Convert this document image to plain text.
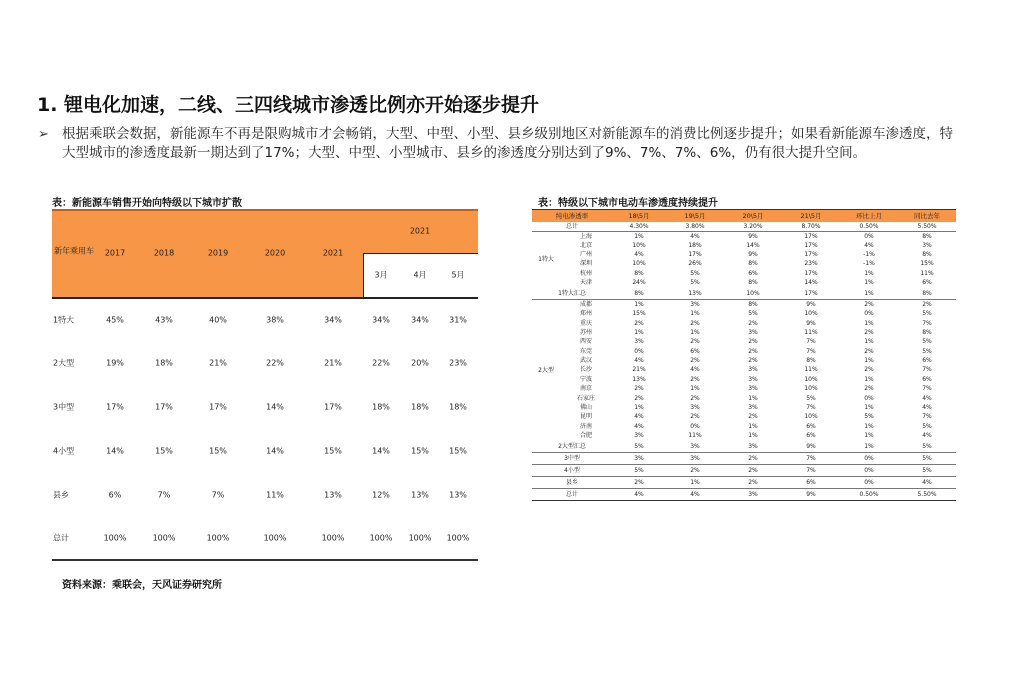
1. 锂电化加速，二线、三四线城市渗透比例亦开始逐步提升
➢ 根据乘联会数据，新能源车不再是限购城市才会畅销，大型、中型、小型、县乡级别地区对新能源车的消费比例逐步提升；如果看新能源车渗透度，特大型城市的渗透度最新一期达到了17%；大型、中型、小型城市、县乡的渗透度分别达到了9%、7%、7%、6%，仍有很大提升空间。
表：新能源车销售开始向特级以下城市扩散	表：特级以下城市电动车渗透度持续提升
新年乘用车	2017	2018	2019	2020	2021
2021
3月	4月	5月
1特大	45%	43%	40%	38%	34%	34%	34%	31%
2大型	19%	18%	21%	22%	21%	22%	20%	23%
3中型	17%	17%	17%	14%	17%	18%	18%	18%
4小型	14%	15%	15%	14%	15%	14%	15%	15%
县乡	6%	7%	7%	11%	13%	12%	13%	13%
总计	100%	100%	100%	100%	100%	100% 100% 100%
纯电渗透率		18\5月	19\5月	20\5月	21\5月	环比上月	同比去年
总计		4.30%	3.80%	3.20%	8.70%	0.50%	5.50%
1特大	上海	1%	4%	9%	17%	0%	8%
	北京	10%	18%	14%	17%	4%	3%
	广州	4%	17%	9%	17%	-1%	8%
	深圳	10%	26%	8%	23%	-1%	15%
	杭州	8%	5%	6%	17%	1%	11%
	天津	24%	5%	8%	14%	1%	6%
1特大汇总		8%	13%	10%	17%	1%	8%
2大型	成都	1%	3%	8%	9%	2%	2%
	郑州	15%	1%	5%	10%	0%	5%
	重庆	2%	2%	2%	9%	1%	7%
	苏州	1%	1%	3%	11%	2%	8%
	西安	3%	2%	2%	7%	1%	5%
	东莞	0%	6%	2%	7%	2%	5%
	武汉	4%	2%	2%	8%	1%	6%
	长沙	21%	4%	3%	11%	2%	7%
	宁波	13%	2%	3%	10%	1%	6%
	南京	2%	1%	3%	10%	2%	7%
	石家庄	2%	2%	1%	5%	0%	4%
	佛山	1%	3%	3%	7%	1%	4%
	昆明	4%	2%	2%	10%	5%	7%
	济南	4%	0%	1%	6%	1%	5%
	合肥	3%	11%	1%	6%	1%	4%
2大型汇总		5%	3%	3%	9%	1%	5%
3中型		3%	3%	2%	7%	0%	5%
4小型		5%	2%	2%	7%	0%	5%
县乡		2%	1%	2%	6%	0%	4%
总计		4%	4%	3%	9%	0.50%	5.50%
资料来源：乘联会，天风证券研究所
